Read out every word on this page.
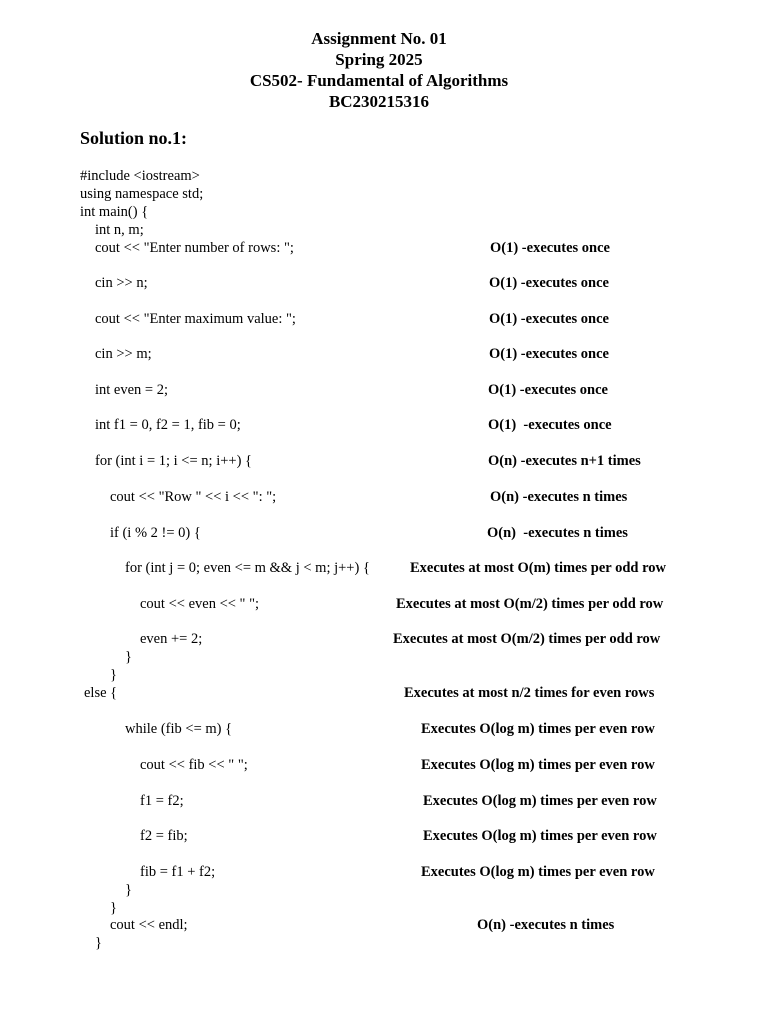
Assignment No. 01
Spring 2025
CS502- Fundamental of Algorithms
BC230215316
Solution no.1:
#include <iostream>
using namespace std;
int main() {
int n, m;
cout << "Enter number of rows: ";
cin >> n;
cout << "Enter maximum value: ";
cin >> m;
int even = 2;
int f1 = 0, f2 = 1, fib = 0;
for (int i = 1; i <= n; i++) {
cout << "Row " << i << ": ";
if (i % 2 != 0) {
for (int j = 0; even <= m && j < m; j++) {
cout << even << " ";
even += 2;
}
}
else {
while (fib <= m) {
cout << fib << " ";
f1 = f2;
f2 = fib;
fib = f1 + f2;
}
}
cout << endl;
}
O(1) -executes once
O(1) -executes once
O(1) -executes once
O(1) -executes once
O(1) -executes once
O(1)  -executes once
O(n) -executes n+1 times
O(n) -executes n times
O(n)  -executes n times
Executes at most O(m) times per odd row
Executes at most O(m/2) times per odd row
Executes at most O(m/2) times per odd row
Executes at most n/2 times for even rows
Executes O(log m) times per even row
Executes O(log m) times per even row
Executes O(log m) times per even row
Executes O(log m) times per even row
Executes O(log m) times per even row
O(n) -executes n times
